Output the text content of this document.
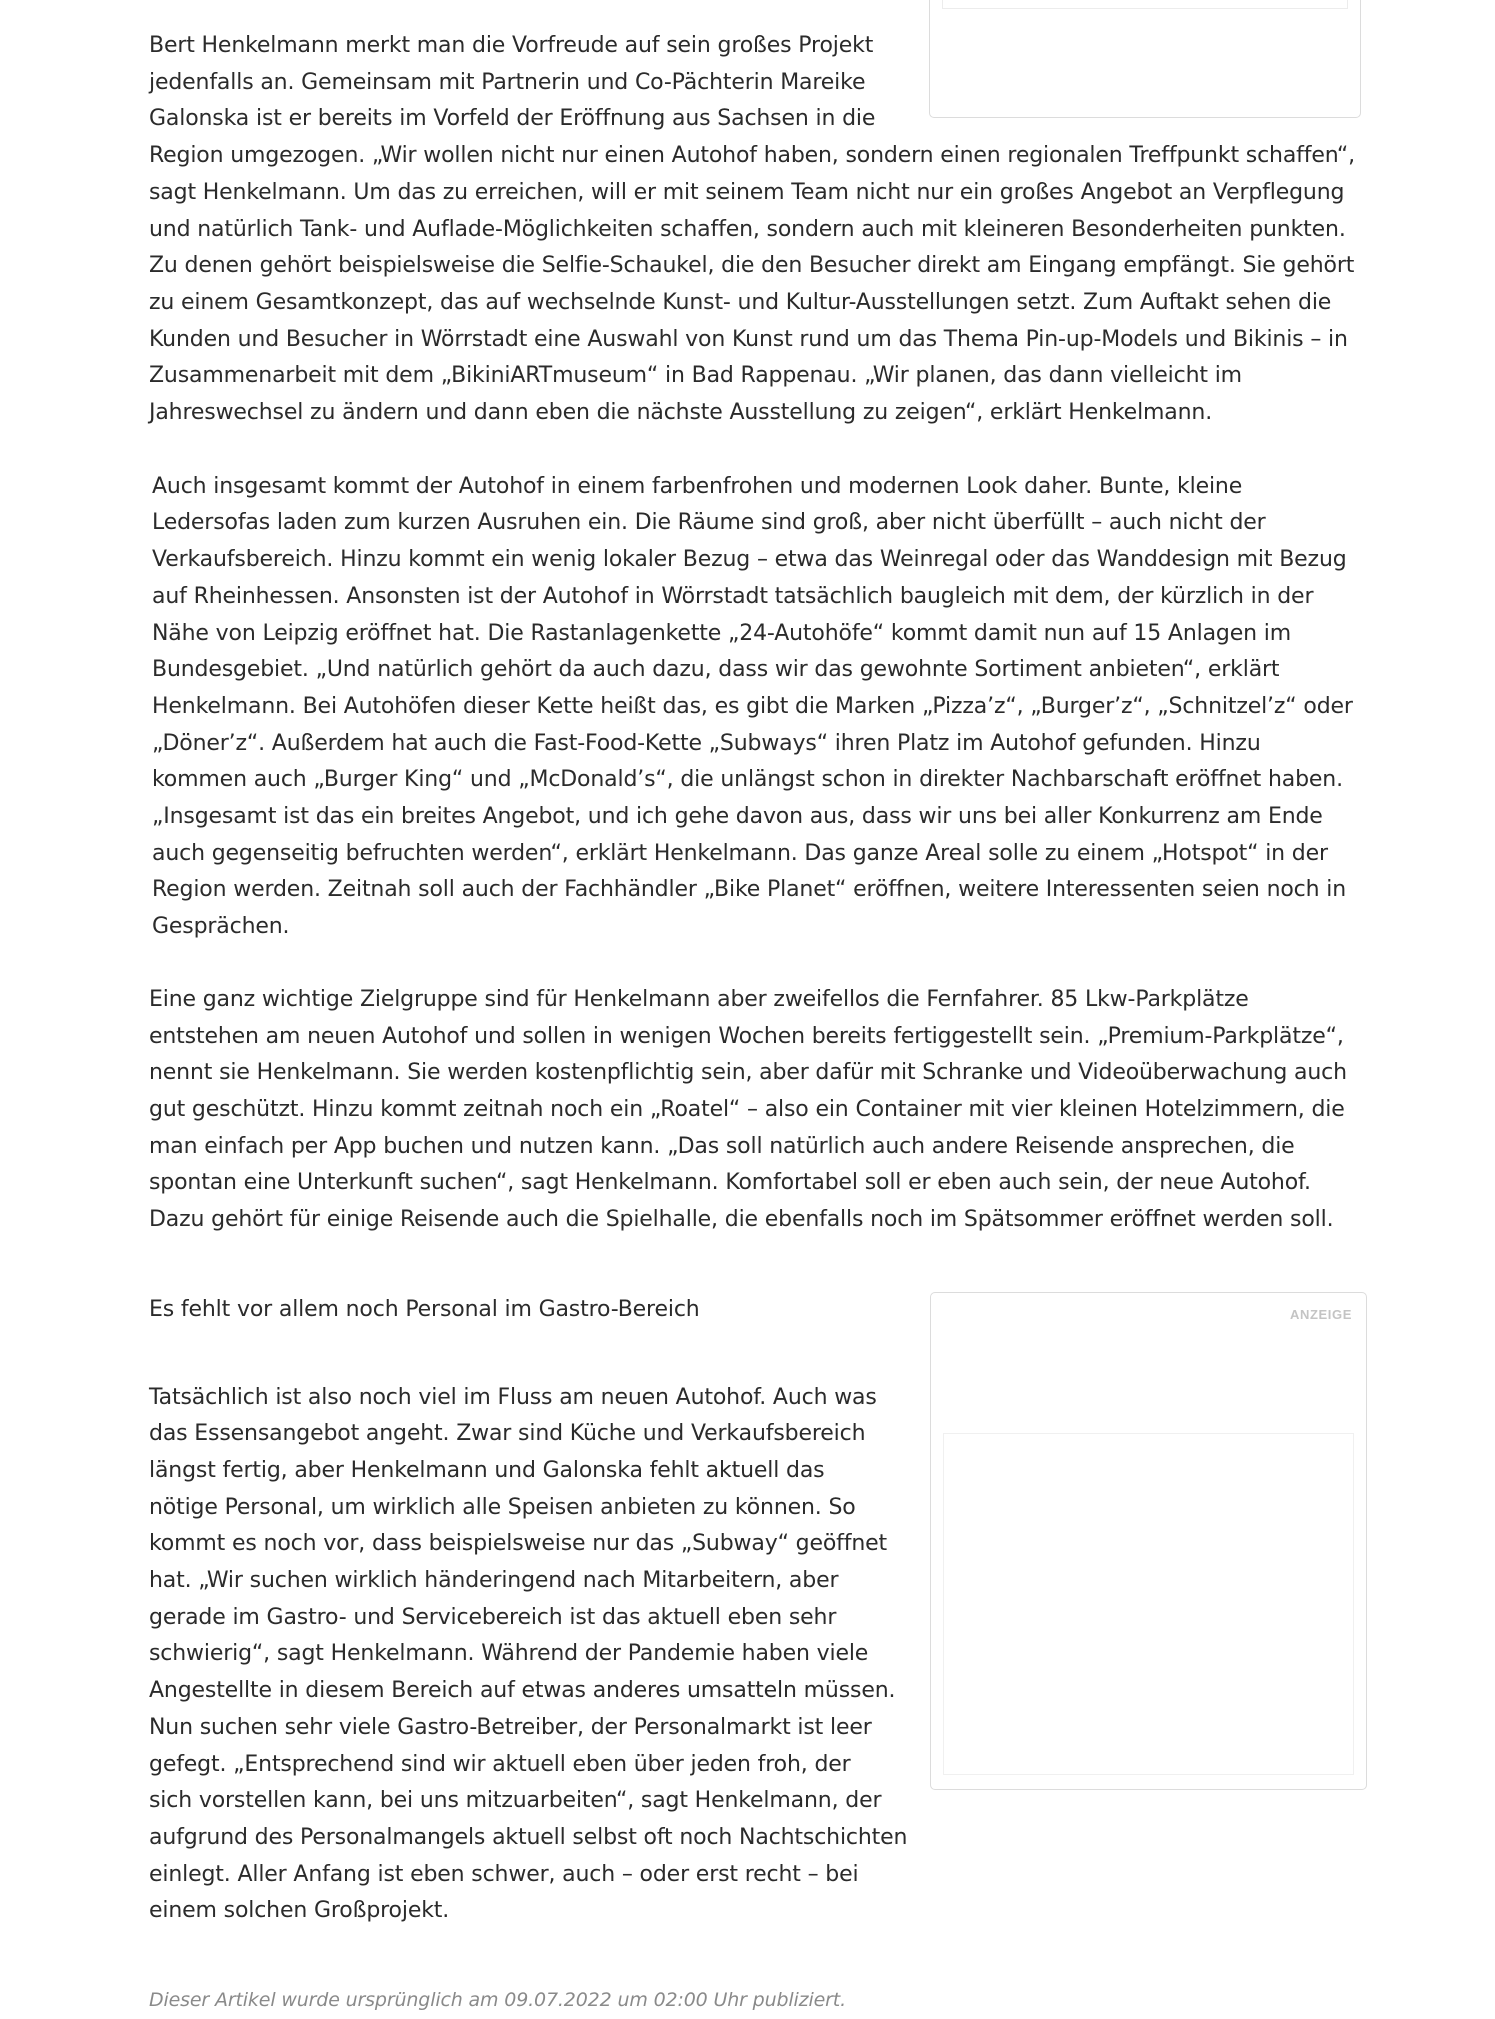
Bert Henkelmann merkt man die Vorfreude auf sein großes Projekt jedenfalls an. Gemeinsam mit Partnerin und Co-Pächterin Mareike Galonska ist er bereits im Vorfeld der Eröffnung aus Sachsen in die Region umgezogen. „Wir wollen nicht nur einen Autohof haben, sondern einen regionalen Treffpunkt schaffen“, sagt Henkelmann. Um das zu erreichen, will er mit seinem Team nicht nur ein großes Angebot an Verpflegung und natürlich Tank- und Auflade-Möglichkeiten schaffen, sondern auch mit kleineren Besonderheiten punkten. Zu denen gehört beispielsweise die Selfie-Schaukel, die den Besucher direkt am Eingang empfängt. Sie gehört zu einem Gesamtkonzept, das auf wechselnde Kunst- und Kultur-Ausstellungen setzt. Zum Auftakt sehen die Kunden und Besucher in Wörrstadt eine Auswahl von Kunst rund um das Thema Pin-up-Models und Bikinis – in Zusammenarbeit mit dem „BikiniARTmuseum“ in Bad Rappenau. „Wir planen, das dann vielleicht im Jahreswechsel zu ändern und dann eben die nächste Ausstellung zu zeigen“, erklärt Henkelmann.

Auch insgesamt kommt der Autohof in einem farbenfrohen und modernen Look daher. Bunte, kleine Ledersofas laden zum kurzen Ausruhen ein. Die Räume sind groß, aber nicht überfüllt – auch nicht der Verkaufsbereich. Hinzu kommt ein wenig lokaler Bezug – etwa das Weinregal oder das Wanddesign mit Bezug auf Rheinhessen. Ansonsten ist der Autohof in Wörrstadt tatsächlich baugleich mit dem, der kürzlich in der Nähe von Leipzig eröffnet hat. Die Rastanlagenkette „24-Autohöfe“ kommt damit nun auf 15 Anlagen im Bundesgebiet. „Und natürlich gehört da auch dazu, dass wir das gewohnte Sortiment anbieten“, erklärt Henkelmann. Bei Autohöfen dieser Kette heißt das, es gibt die Marken „Pizza’z“, „Burger’z“, „Schnitzel’z“ oder „Döner’z“. Außerdem hat auch die Fast-Food-Kette „Subways“ ihren Platz im Autohof gefunden. Hinzu kommen auch „Burger King“ und „McDonald’s“, die unlängst schon in direkter Nachbarschaft eröffnet haben. „Insgesamt ist das ein breites Angebot, und ich gehe davon aus, dass wir uns bei aller Konkurrenz am Ende auch gegenseitig befruchten werden“, erklärt Henkelmann. Das ganze Areal solle zu einem „Hotspot“ in der Region werden. Zeitnah soll auch der Fachhändler „Bike Planet“ eröffnen, weitere Interessenten seien noch in Gesprächen.

Eine ganz wichtige Zielgruppe sind für Henkelmann aber zweifellos die Fernfahrer. 85 Lkw-Parkplätze entstehen am neuen Autohof und sollen in wenigen Wochen bereits fertiggestellt sein. „Premium-Parkplätze“, nennt sie Henkelmann. Sie werden kostenpflichtig sein, aber dafür mit Schranke und Videoüberwachung auch gut geschützt. Hinzu kommt zeitnah noch ein „Roatel“ – also ein Container mit vier kleinen Hotelzimmern, die man einfach per App buchen und nutzen kann. „Das soll natürlich auch andere Reisende ansprechen, die spontan eine Unterkunft suchen“, sagt Henkelmann. Komfortabel soll er eben auch sein, der neue Autohof. Dazu gehört für einige Reisende auch die Spielhalle, die ebenfalls noch im Spätsommer eröffnet werden soll.

ANZEIGE

Es fehlt vor allem noch Personal im Gastro-Bereich

Tatsächlich ist also noch viel im Fluss am neuen Autohof. Auch was das Essensangebot angeht. Zwar sind Küche und Verkaufsbereich längst fertig, aber Henkelmann und Galonska fehlt aktuell das nötige Personal, um wirklich alle Speisen anbieten zu können. So kommt es noch vor, dass beispielsweise nur das „Subway“ geöffnet hat. „Wir suchen wirklich händeringend nach Mitarbeitern, aber gerade im Gastro- und Servicebereich ist das aktuell eben sehr schwierig“, sagt Henkelmann. Während der Pandemie haben viele Angestellte in diesem Bereich auf etwas anderes umsatteln müssen. Nun suchen sehr viele Gastro-Betreiber, der Personalmarkt ist leer gefegt. „Entsprechend sind wir aktuell eben über jeden froh, der sich vorstellen kann, bei uns mitzuarbeiten“, sagt Henkelmann, der aufgrund des Personalmangels aktuell selbst oft noch Nachtschichten einlegt. Aller Anfang ist eben schwer, auch – oder erst recht – bei einem solchen Großprojekt.

Dieser Artikel wurde ursprünglich am 09.07.2022 um 02:00 Uhr publiziert.
